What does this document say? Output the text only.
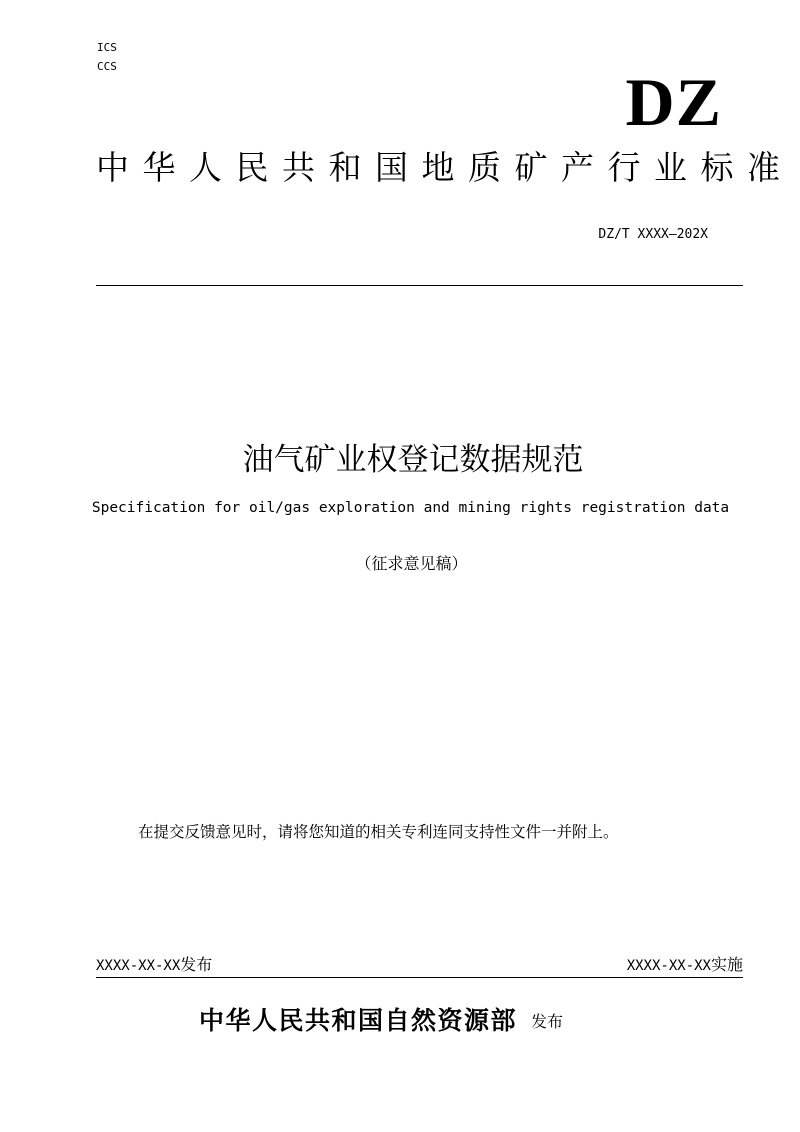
ICS
CCS	DZ
中华人民共和国地质矿产行业标准
DZ/T XXXX—202X
油气矿业权登记数据规范
Specification for oil/gas exploration and mining rights registration data
（征求意见稿）
在提交反馈意见时，请将您知道的相关专利连同支持性文件一并附上。
XXXX-XX-XX发布	XXXX-XX-XX实施
中华人民共和国自然资源部 发布
